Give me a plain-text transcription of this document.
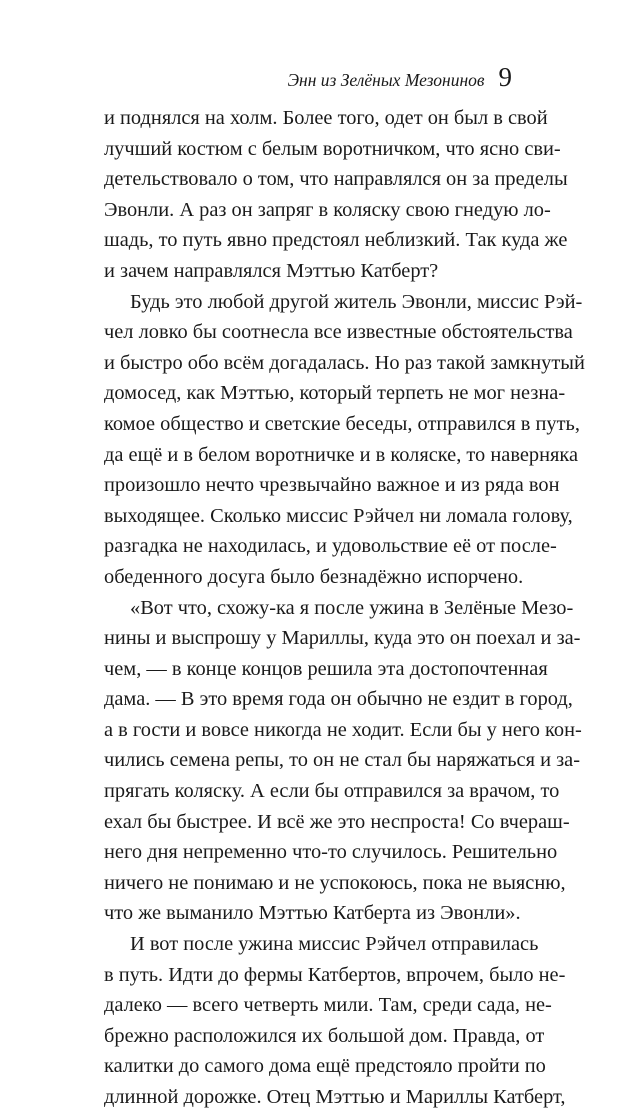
Энн из Зелёных Мезонинов 9
и поднялся на холм. Более того, одет он был в свой
лучший костюм с белым воротничком, что ясно сви-
детельствовало о том, что направлялся он за пределы
Эвонли. А раз он запряг в коляску свою гнедую ло-
шадь, то путь явно предстоял неблизкий. Так куда же
и зачем направлялся Мэттью Катберт?
Будь это любой другой житель Эвонли, миссис Рэй-
чел ловко бы соотнесла все известные обстоятельства
и быстро обо всём догадалась. Но раз такой замкнутый
домосед, как Мэттью, который терпеть не мог незна-
комое общество и светские беседы, отправился в путь,
да ещё и в белом воротничке и в коляске, то наверняка
произошло нечто чрезвычайно важное и из ряда вон
выходящее. Сколько миссис Рэйчел ни ломала голову,
разгадка не находилась, и удовольствие её от после-
обеденного досуга было безнадёжно испорчено.
«Вот что, схожу-ка я после ужина в Зелёные Мезо-
нины и выспрошу у Мариллы, куда это он поехал и за-
чем, — в конце концов решила эта достопочтенная
дама. — В это время года он обычно не ездит в город,
а в гости и вовсе никогда не ходит. Если бы у него кон-
чились семена репы, то он не стал бы наряжаться и за-
прягать коляску. А если бы отправился за врачом, то
ехал бы быстрее. И всё же это неспроста! Со вчераш-
него дня непременно что-то случилось. Решительно
ничего не понимаю и не успокоюсь, пока не выясню,
что же выманило Мэттью Катберта из Эвонли».
И вот после ужина миссис Рэйчел отправилась
в путь. Идти до фермы Катбертов, впрочем, было не-
далеко — всего четверть мили. Там, среди сада, не-
брежно расположился их большой дом. Правда, от
калитки до самого дома ещё предстояло пройти по
длинной дорожке. Отец Мэттью и Мариллы Катберт,
